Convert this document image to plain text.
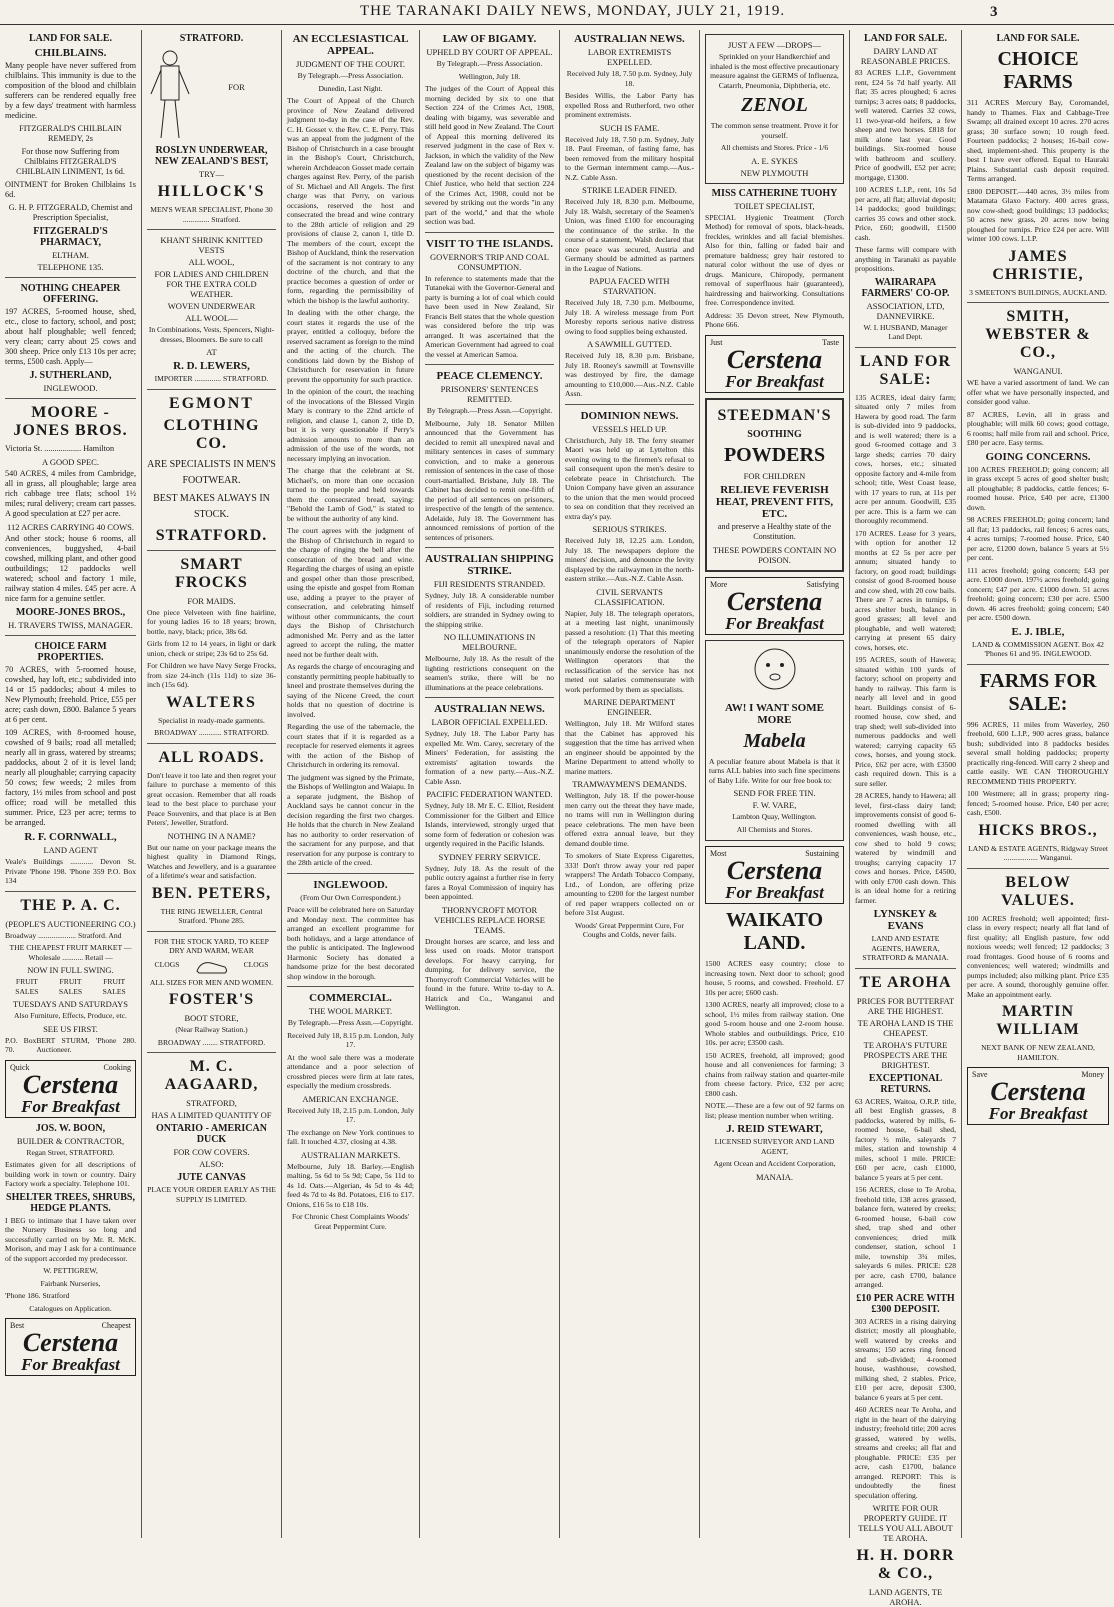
THE TARANAKI DAILY NEWS, MONDAY, JULY 21, 1919.	3
LAND FOR SALE.
CHILBLAINS.
Many people have never suffered from chilblains. This immunity is due to the composition of the blood and chilblain sufferers can be rendered equally free by a few days' treatment with harmless medicine.
FITZGERALD'S CHILBLAIN REMEDY, 2s
For those now Suffering from Chilblains FITZGERALD'S CHILBLAIN LINIMENT, 1s 6d.
OINTMENT for Broken Chilblains 1s 6d.
G. H. P. FITZGERALD, Chemist and Prescription Specialist,
FITZGERALD'S PHARMACY,
ELTHAM.
TELEPHONE 135.
NOTHING CHEAPER OFFERING.
197 ACRES, 5-roomed house, shed, etc., close to factory, school, and post; about half ploughable; well fenced; very clean; carry about 25 cows and 300 sheep. Price only £13 10s per acre; terms, £500 cash. Apply—
J. SUTHERLAND,
INGLEWOOD.
MOORE - JONES BROS.
Victoria St. .................. Hamilton
A GOOD SPEC.
540 ACRES, 4 miles from Cambridge, all in grass, all ploughable; large area rich cabbage tree flats; school 1½ miles; rural delivery; cream cart passes. A good speculation at £27 per acre.
112 ACRES CARRYING 40 COWS.
And other stock; house 6 rooms, all conveniences, buggyshed, 4-bail cowshed, milking plant, and other good outbuildings; 12 paddocks well watered; school and factory 1 mile, railway station 4 miles. £45 per acre. A nice farm for a genuine settler.
MOORE-JONES BROS.,
H. TRAVERS TWISS, MANAGER.
CHOICE FARM PROPERTIES.
70 ACRES, with 5-roomed house, cowshed, hay loft, etc.; subdivided into 14 or 15 paddocks; about 4 miles to New Plymouth; freehold. Price, £55 per acre; cash down, £800. Balance 5 years at 6 per cent.
109 ACRES, with 8-roomed house, cowshed of 9 bails; road all metalled; nearly all in grass, watered by streams; paddocks, about 2 of it is level land; nearly all ploughable; carrying capacity 50 cows; few weeds; 2 miles from factory, 1½ miles from school and post office; road will be metalled this summer. Price, £23 per acre; terms to be arranged.
R. F. CORNWALL,
LAND AGENT
Veale's Buildings ............ Devon St. Private 'Phone 198. 'Phone 359 P.O. Box 134
THE P. A. C.
(PEOPLE'S AUCTIONEERING CO.)
Broadway .................... Stratford. And
THE CHEAPEST FRUIT MARKET — Wholesale ........... Retail —
NOW IN FULL SWING.
FRUIT SALES
FRUIT SALES
FRUIT SALES
TUESDAYS AND SATURDAYS
Also Furniture, Effects, Produce, etc.
SEE US FIRST.
P.O. Box 70.
BERT STURM, 'Phone 280. Auctioneer.
Quick	Cooking
Cerstena
For Breakfast
JOS. W. BOON,
BUILDER & CONTRACTOR,
Regan Street, STRATFORD.
Estimates given for all descriptions of building work in town or country. Dairy Factory work a specialty. Telephone 101.
SHELTER TREES, SHRUBS, HEDGE PLANTS.
I BEG to intimate that I have taken over the Nursery Business so long and successfully carried on by Mr. R. McK. Morison, and may I ask for a continuance of the support accorded my predecessor.
W. PETTIGREW,
Fairbank Nurseries,
'Phone 186. Stratford
Catalogues on Application.
Best	Cheapest
Cerstena
For Breakfast
STRATFORD.
FOR
ROSLYN UNDERWEAR, NEW ZEALAND'S BEST,
TRY—
HILLOCK'S
MEN'S WEAR SPECIALIST, Phone 30 .............. Stratford.
KHANT SHRINK KNITTED VESTS
ALL WOOL,
FOR LADIES AND CHILDREN FOR THE EXTRA COLD WEATHER.
WOVEN UNDERWEAR
ALL WOOL—
In Combinations, Vests, Spencers, Night-dresses, Bloomers. Be sure to call
AT
R. D. LEWERS,
IMPORTER .............. STRATFORD.
EGMONT
CLOTHING CO.
ARE SPECIALISTS IN MEN'S FOOTWEAR.
BEST MAKES ALWAYS IN STOCK.
STRATFORD.
SMART FROCKS
FOR MAIDS.
One piece Velveteen with fine hairline, for young ladies 16 to 18 years; brown, bottle, navy, black; price, 38s 6d.
Girls from 12 to 14 years, in light or dark union, check or stripe; 23s 6d to 25s 6d.
For Children we have Navy Serge Frocks, from size 24-inch (11s 11d) to size 36-inch (15s 6d).
WALTERS
Specialist in ready-made garments.
BROADWAY ............ STRATFORD.
ALL ROADS.
Don't leave it too late and then regret your failure to purchase a memento of this great occasion. Remember that all roads lead to the best place to purchase your Peace Souvenirs, and that place is at Ben Peters', Jeweller, Stratford.
NOTHING IN A NAME?
But our name on your package means the highest quality in Diamond Rings, Watches and Jewellery, and is a guarantee of a lifetime's wear and satisfaction.
BEN. PETERS,
THE RING JEWELLER, Central Stratford. 'Phone 285.
FOR THE STOCK YARD, TO KEEP DRY AND WARM, WEAR
CLOGS	CLOGS
ALL SIZES FOR MEN AND WOMEN.
FOSTER'S
BOOT STORE,
(Near Railway Station.)
BROADWAY ........ STRATFORD.
M. C. AAGAARD,
STRATFORD,
HAS A LIMITED QUANTITY OF
ONTARIO - AMERICAN DUCK
FOR COW COVERS.
ALSO:
JUTE CANVAS
PLACE YOUR ORDER EARLY AS THE SUPPLY IS LIMITED.
AN ECCLESIASTICAL APPEAL.
JUDGMENT OF THE COURT.
By Telegraph.—Press Association.
Dunedin, Last Night.
The Court of Appeal of the Church province of New Zealand delivered judgment to-day in the case of the Rev. C. H. Gosset v. the Rev. C. E. Perry. This was an appeal from the judgment of the Bishop of Christchurch in a case brought in the Bishop's Court, Christchurch, wherein Archdeacon Gosset made certain charges against Rev. Perry, of the parish of St. Michael and All Angels. The first charge was that Perry, on various occasions, reserved the host and consecrated the bread and wine contrary to the 28th article of religion and 29 provisions of clause 2, canon 1, title D. The members of the court, except the Bishop of Auckland, think the reservation of the sacrament is not contrary to any doctrine of the church, and that the practice becomes a question of order or form, regarding the permissibility of which the bishop is the lawful authority.
In dealing with the other charge, the court states it regards the use of the prayer, entitled a colloquy, before the reserved sacrament as foreign to the mind and the acting of the church. The conditions laid down by the Bishop of Christchurch for reservation in future prevent the opportunity for such practice.
In the opinion of the court, the teaching of the invocations of the Blessed Virgin Mary is contrary to the 22nd article of religion, and clause 1, canon 2, title D, but it is very questionable if Perry's admission amounts to more than an admission of the use of the words, not necessary implying an invocation.
The charge that the celebrant at St. Michael's, on more than one occasion turned to the people and held towards them the consecrated bread, saying: "Behold the Lamb of God," is stated to be without the authority of any kind.
The court agrees with the judgment of the Bishop of Christchurch in regard to the charge of ringing the bell after the consecration of the bread and wine. Regarding the charges of using an epistle and gospel other than those prescribed, using the epistle and gospel from Roman use, adding a prayer to the prayer of consecration, and celebrating himself without other communicants, the court days the Bishop of Christchurch admonished Mr. Perry and as the latter agreed to accept the ruling, the matter need not be further dealt with.
As regards the charge of encouraging and constantly permitting people habitually to kneel and prostrate themselves during the saying of the Nicene Creed, the court holds that no question of doctrine is involved.
Regarding the use of the tabernacle, the court states that if it is regarded as a receptacle for reserved elements it agrees with the action of the Bishop of Christchurch in ordering its removal.
The judgment was signed by the Primate, the Bishops of Wellington and Waiapu. In a separate judgment, the Bishop of Auckland says he cannot concur in the decision regarding the first two charges. He holds that the church in New Zealand has no authority to order reservation of the sacrament for any purpose, and that reservation for any purpose is contrary to the 28th article of the creed.
INGLEWOOD.
(From Our Own Correspondent.)
Peace will be celebrated here on Saturday and Monday next. The committee has arranged an excellent programme for both holidays, and a large attendance of the public is anticipated. The Inglewood Harmonic Society has donated a handsome prize for the best decorated shop window in the borough.
COMMERCIAL.
THE WOOL MARKET.
By Telegraph.—Press Assn.—Copyright.
Received July 18, 8.15 p.m. London, July 17.
At the wool sale there was a moderate attendance and a poor selection of crossbred pieces were firm at late rates, especially the medium crossbreds.
AMERICAN EXCHANGE.
Received July 18, 2.15 p.m. London, July 17.
The exchange on New York continues to fall. It touched 4.37, closing at 4.38.
AUSTRALIAN MARKETS.
Melbourne, July 18. Barley.—English malting, 5s 6d to 5s 9d; Cape, 5s 11d to 4s 1d. Oats.—Algerian, 4s 5d to 4s 4d; feed 4s 7d to 4s 8d. Potatoes, £16 to £17. Onions, £16 5s to £18 10s.
For Chronic Chest Complaints Woods' Great Peppermint Cure.
LAW OF BIGAMY.
UPHELD BY COURT OF APPEAL.
By Telegraph.—Press Association.
Wellington, July 18.
The judges of the Court of Appeal this morning decided by six to one that Section 224 of the Crimes Act, 1908, dealing with bigamy, was severable and still held good in New Zealand. The Court of Appeal this morning delivered its reserved judgment in the case of Rex v. Jackson, in which the validity of the New Zealand law on the subject of bigamy was questioned by the recent decision of the Chief Justice, who held that section 224 of the Crimes Act, 1908, could not be severed by striking out the words "in any part of the world," and that the whole section was bad.
VISIT TO THE ISLANDS.
GOVERNOR'S TRIP AND COAL CONSUMPTION.
In reference to statements made that the Tutanekai with the Governor-General and party is burning a lot of coal which could have been used in New Zealand, Sir Francis Bell states that the whole question was considered before the trip was arranged. It was ascertained that the American Government had agreed to coal the vessel at American Samoa.
PEACE CLEMENCY.
PRISONERS' SENTENCES REMITTED.
By Telegraph.—Press Assn.—Copyright.
Melbourne, July 18. Senator Millen announced that the Government has decided to remit all unexpired naval and military sentences in cases of summary conviction, and to make a generous remission of sentences in the case of those court-martialled. Brisbane, July 18. The Cabinet has decided to remit one-fifth of the period of all sentences on prisoners, irrespective of the length of the sentence. Adelaide, July 18. The Government has announced remissions of portion of the sentences of prisoners.
AUSTRALIAN SHIPPING STRIKE.
FIJI RESIDENTS STRANDED.
Sydney, July 18. A considerable number of residents of Fiji, including returned soldiers, are stranded in Sydney owing to the shipping strike.
NO ILLUMINATIONS IN MELBOURNE.
Melbourne, July 18. As the result of the lighting restrictions consequent on the seamen's strike, there will be no illuminations at the peace celebrations.
AUSTRALIAN NEWS.
LABOR OFFICIAL EXPELLED.
Sydney, July 18. The Labor Party has expelled Mr. Wm. Carey, secretary of the Miners' Federation, for assisting the extremists' agitation towards the formation of a new party.—Aus.-N.Z. Cable Assn.
PACIFIC FEDERATION WANTED.
Sydney, July 18. Mr E. C. Elliot, Resident Commissioner for the Gilbert and Ellice Islands, interviewed, strongly urged that some form of federation or cohesion was urgently required in the Pacific Islands.
SYDNEY FERRY SERVICE.
Sydney, July 18. As the result of the public outcry against a further rise in ferry fares a Royal Commission of inquiry has been appointed.
THORNYCROFT MOTOR VEHICLES REPLACE HORSE TEAMS.
Drought horses are scarce, and less and less used on roads. Motor transport develops. For heavy carrying, for dumping, for delivery service, the Thornycroft Commercial Vehicles will be found in the future. Write to-day to A. Hatrick and Co., Wanganui and Wellington.
AUSTRALIAN NEWS.
LABOR EXTREMISTS EXPELLED.
Received July 18, 7.50 p.m. Sydney, July 18.
Besides Willis, the Labor Party has expelled Ross and Rutherford, two other prominent extremists.
SUCH IS FAME.
Received July 18, 7.50 p.m. Sydney, July 18. Paul Freeman, of fasting fame, has been removed from the military hospital to the German internment camp.—Aus.-N.Z. Cable Assn.
STRIKE LEADER FINED.
Received July 18, 8.30 p.m. Melbourne, July 18. Walsh, secretary of the Seamen's Union, was fined £100 for encouraging the continuance of the strike. In the course of a statement, Walsh declared that once peace was secured, Austria and Germany should be admitted as partners in the League of Nations.
PAPUA FACED WITH STARVATION.
Received July 18, 7.30 p.m. Melbourne, July 18. A wireless message from Port Moresby reports serious native distress owing to food supplies being exhausted.
A SAWMILL GUTTED.
Received July 18, 8.30 p.m. Brisbane, July 18. Rooney's sawmill at Townsville was destroyed by fire, the damage amounting to £10,000.—Aus.-N.Z. Cable Assn.
DOMINION NEWS.
VESSELS HELD UP.
Christchurch, July 18. The ferry steamer Maori was held up at Lyttelton this evening owing to the firemen's refusal to sail consequent upon the men's desire to celebrate peace in Christchurch. The Union Company have given an assurance to the union that the men would proceed to sea on condition that they received an extra day's pay.
SERIOUS STRIKES.
Received July 18, 12.25 a.m. London, July 18. The newspapers deplore the miners' decision, and denounce the levity displayed by the railwaymen in the north-eastern strike.—Aus.-N.Z. Cable Assn.
CIVIL SERVANTS CLASSIFICATION.
Napier, July 18. The telegraph operators, at a meeting last night, unanimously passed a resolution: (1) That this meeting of the telegraph operators of Napier unanimously endorse the resolution of the Wellington operators that the reclassification of the service has not meted out salaries commensurate with work performed by them as specialists.
MARINE DEPARTMENT ENGINEER.
Wellington, July 18. Mr Wilford states that the Cabinet has approved his suggestion that the time has arrived when an engineer should be appointed by the Marine Department to attend wholly to marine matters.
TRAMWAYMEN'S DEMANDS.
Wellington, July 18. If the power-house men carry out the threat they have made, no trams will run in Wellington during peace celebrations. The men have been offered extra annual leave, but they demand double time.
To smokers of State Express Cigarettes, 333! Don't throw away your red paper wrappers! The Ardath Tobacco Company, Ltd., of London, are offering prize amounting to £200 for the largest number of red paper wrappers collected on or before 31st August.
Woods' Great Peppermint Cure, For Coughs and Colds, never fails.
JUST A FEW —DROPS—
Sprinkled on your Handkerchief and inhaled is the most effective precautionary measure against the GERMS of Influenza, Catarrh, Pneumonia, Diphtheria, etc.
ZENOL
The common sense treatment. Prove it for yourself.
All chemists and Stores. Price - 1/6
A. E. SYKES
NEW PLYMOUTH
MISS CATHERINE TUOHY
TOILET SPECIALIST,
SPECIAL Hygienic Treatment (Torch Method) for removal of spots, black-heads, freckles, wrinkles and all facial blemishes. Also for thin, falling or faded hair and premature baldness; grey hair restored to natural color without the use of dyes or drugs. Manicure, Chiropody, permanent removal of superfluous hair (guaranteed), hairdressing and hairworking. Consultations free. Correspondence invited.
Address: 35 Devon street, New Plymouth, Phone 666.
Just	Taste
Cerstena
For Breakfast
STEEDMAN'S
SOOTHING
POWDERS
FOR CHILDREN
RELIEVE FEVERISH HEAT, PREVENT FITS, ETC.
and preserve a Healthy state of the Constitution.
THESE POWDERS CONTAIN NO POISON.
More	Satisfying
Cerstena
For Breakfast
AW! I WANT SOME MORE
Mabela
A peculiar feature about Mabela is that it turns ALL babies into such fine specimens of Baby Life. Write for our free book to:
SEND FOR FREE TIN.
F. W. VARE,
Lambton Quay, Wellington.
All Chemists and Stores.
Most	Sustaining
Cerstena
For Breakfast
WAIKATO LAND.
1500 ACRES easy country; close to increasing town. Next door to school; good house, 5 rooms, and cowshed. Freehold. £7 10s per acre; £600 cash.
1300 ACRES, nearly all improved; close to a school, 1½ miles from railway station. One good 5-room house and one 2-room house. Whole stables and outbuildings. Price, £10 10s. per acre; £3500 cash.
150 ACRES, freehold, all improved; good house and all conveniences for farming; 3 chains from railway station and quarter-mile from cheese factory. Price, £32 per acre; £800 cash.
NOTE.—These are a few out of 92 farms on list; please mention number when writing.
J. REID STEWART,
LICENSED SURVEYOR AND LAND AGENT,
Agent Ocean and Accident Corporation,
MANAIA.
LAND FOR SALE.
DAIRY LAND AT REASONABLE PRICES.
83 ACRES L.I.P., Government rent, £24 5s 7d half yearly. All flat; 35 acres ploughed; 6 acres turnips; 3 acres oats; 8 paddocks, well watered. Carries 32 cows, 11 two-year-old heifers, a few sheep and two horses. £818 for milk alone last year. Good buildings. Six-roomed house with bathroom and scullery. Price of goodwill, £52 per acre; mortgage, £1300.
100 ACRES L.I.P., rent, 10s 5d per acre, all flat; alluvial deposit; 14 paddocks; good buildings; carries 35 cows and other stock. Price, £60; goodwill, £1500 cash.
These farms will compare with anything in Taranaki as payable propositions.
WAIRARAPA FARMERS' CO-OP.
ASSOCIATION, LTD, DANNEVIRKE.
W. I. HUSBAND, Manager Land Dept.
LAND FOR SALE:
135 ACRES, ideal dairy farm; situated only 7 miles from Hawera by good road. The farm is sub-divided into 9 paddocks, and is well watered; there is a good 6-roomed cottage and 3 large sheds; carries 70 dairy cows, horses, etc.; situated opposite factory and 4-mile from school; title, West Coast lease, with 17 years to run, at 11s per acre per annum. Goodwill, £35 per acre. This is a farm we can thoroughly recommend.
170 ACRES. Lease for 3 years, with option for another 12 months at £2 5s per acre per annum; situated handy to factory, on good road; buildings consist of good 8-roomed house and cow shed, with 20 cow bails. There are 7 acres in turnips, 6 acres shelter bush, balance in good grasses; all level and ploughable, and well watered; carrying at present 65 dairy cows, horses, etc.
195 ACRES, south of Hawera; situated within 100 yards of factory; school on property and handy to railway. This farm is nearly all level and in good heart. Buildings consist of 6-roomed house, cow shed, and trap shed; well sub-divided into numerous paddocks and well watered; carrying capacity 65 cows, horses, and young stock. Price, £62 per acre, with £3500 cash required down. This is a sure seller.
28 ACRES, handy to Hawera; all level, first-class dairy land; improvements consist of good 6-roomed dwelling with all conveniences, wash house, etc., cow shed to hold 9 cows; watered by windmill and troughs; carrying capacity 17 cows and horses. Price, £4500, with only £700 cash down. This is an ideal home for a retiring farmer.
LYNSKEY & EVANS
LAND AND ESTATE AGENTS, HAWERA, STRATFORD & MANAIA.
TE AROHA
PRICES FOR BUTTERFAT ARE THE HIGHEST.
TE AROHA LAND IS THE CHEAPEST.
TE AROHA'S FUTURE PROSPECTS ARE THE BRIGHTEST.
EXCEPTIONAL RETURNS.
63 ACRES, Waitoa, O.R.P. title, all best English grasses, 8 paddocks, watered by mills, 6-roomed house, 6-bail shed, factory ½ mile, saleyards 7 miles, station and township 4 miles, school 1 mile. PRICE: £60 per acre, cash £1000, balance 5 years at 5 per cent.
156 ACRES, close to Te Aroha, freehold title, 138 acres grassed, balance fern, watered by creeks; 6-roomed house, 6-bail cow shed, trap shed and other conveniences; dried milk condenser, station, school 1 mile, township 3¼ miles, saleyards 6 miles. PRICE: £28 per acre, cash £700, balance arranged.
£10 PER ACRE WITH £300 DEPOSIT.
303 ACRES in a rising dairying district; mostly all ploughable, well watered by creeks and streams; 150 acres ring fenced and sub-divided; 4-roomed house, washhouse, cowshed, milking shed, 2 stables. Price, £10 per acre, deposit £300, balance 6 years at 5 per cent.
460 ACRES near Te Aroha, and right in the heart of the dairying industry; freehold title; 200 acres grassed, watered by wells, streams and creeks; all flat and ploughable. PRICE: £35 per acre, cash £1700, balance arranged. REPORT: This is undoubtedly the finest speculation offering.
WRITE FOR OUR PROPERTY GUIDE. IT TELLS YOU ALL ABOUT TE AROHA.
H. H. DORR & CO.,
LAND AGENTS, TE AROHA.
LAND FOR SALE.
CHOICE FARMS
311 ACRES Mercury Bay, Coromandel, handy to Thames. Flax and Cabbage-Tree Swamp; all drained except 10 acres. 270 acres grass; 30 surface sown; 10 rough feed. Fourteen paddocks; 2 houses; 16-bail cow-shed, implement-shed. This property is the best I have ever offered. Equal to Hauraki Plains. Substantial cash deposit required. Terms arranged.
£800 DEPOSIT.—440 acres, 3½ miles from Matamata Glaxo Factory. 400 acres grass, now cow-shed; good buildings; 13 paddocks; 50 acres new grass, 20 acres now being ploughed for turnips. Price £24 per acre. Will winter 100 cows. L.I.P.
JAMES CHRISTIE,
3 SMEETON'S BUILDINGS, AUCKLAND.
SMITH, WEBSTER & CO.,
WANGANUI.
WE have a varied assortment of land. We can offer what we have personally inspected, and consider good value.
87 ACRES, Levin, all in grass and ploughable; will milk 60 cows; good cottage, 6 rooms; half mile from rail and school. Price, £80 per acre. Easy terms.
GOING CONCERNS.
100 ACRES FREEHOLD; going concern; all in grass except 5 acres of good shelter bush; all ploughable; 8 paddocks, cattle fences; 6-roomed house. Price, £40 per acre, £1300 down.
98 ACRES FREEHOLD; going concern; land all flat; 13 paddocks, rail fences; 6 acres oats, 4 acres turnips; 7-roomed house. Price, £40 per acre, £1200 down, balance 5 years at 5½ per cent.
111 acres freehold; going concern; £43 per acre. £1000 down. 197½ acres freehold; going concern; £47 per acre. £1000 down. 51 acres freehold; going concern; £30 per acre. £500 down. 46 acres freehold; going concern; £40 per acre. £500 down.
E. J. IBLE,
LAND & COMMISSION AGENT. Box 42 'Phones 61 and 95. INGLEWOOD.
FARMS FOR SALE:
996 ACRES, 11 miles from Waverley, 260 freehold, 600 L.I.P., 900 acres grass, balance bush; subdivided into 8 paddocks besides several small holding paddocks; property practically ring-fenced. Will carry 2 sheep and cattle easily. WE CAN THOROUGHLY RECOMMEND THIS PROPERTY.
100 Westmere; all in grass; property ring-fenced; 5-roomed house. Price, £40 per acre; cash, £500.
HICKS BROS.,
LAND & ESTATE AGENTS, Ridgway Street .................. Wanganui.
BELOW VALUES.
100 ACRES freehold; well appointed; first-class in every respect; nearly all flat land of first quality; all English pasture, few odd noxious weeds; well fenced; 12 paddocks; 3 road frontages. Good house of 6 rooms and conveniences; well watered; windmills and pumps included; also milking plant. Price £35 per acre. A sound, thoroughly genuine offer. Make an appointment early.
MARTIN WILLIAM
NEXT BANK OF NEW ZEALAND, HAMILTON.
Save	Money
Cerstena
For Breakfast
